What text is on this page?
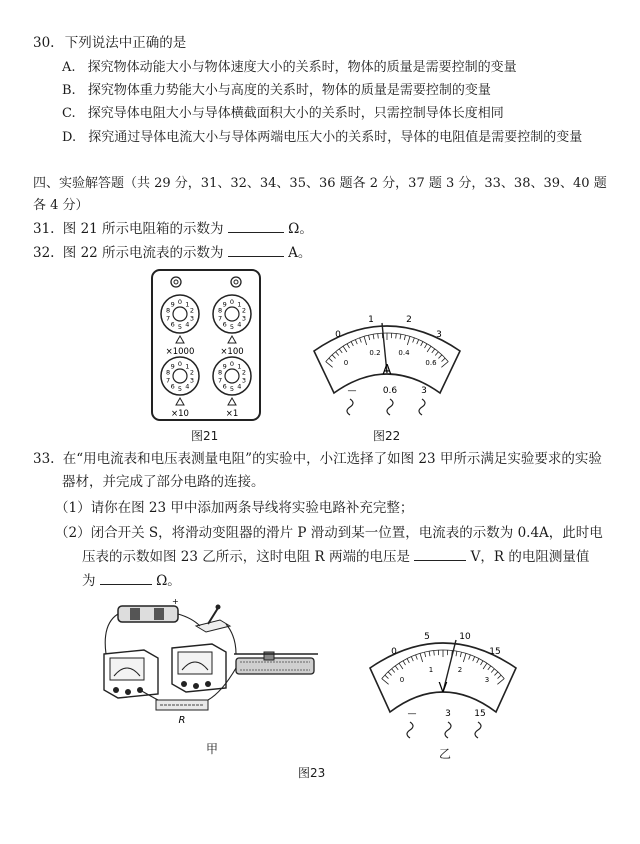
30. 下列说法中正确的是
A. 探究物体动能大小与物体速度大小的关系时，物体的质量是需要控制的变量
B. 探究物体重力势能大小与高度的关系时，物体的质量是需要控制的变量
C. 探究导体电阻大小与导体横截面积大小的关系时，只需控制导体长度相同
D. 探究通过导体电流大小与导体两端电压大小的关系时，导体的电阻值是需要控制的变量
四、实验解答题（共 29 分，31、32、34、35、36 题各 2 分，37 题 3 分，33、38、39、40 题
各 4 分）
31. 图 21 所示电阻箱的示数为	Ω。
32. 图 22 所示电流表的示数为	A。
×1000	×100
×10	×1
0 1
2
3
4
5
6
7
8
9	0 1
2
3
4
5
6
7
8
9
0 1
2
3
4
5
6
7
8
9	0 1
2
3
4
5
6
7
8
9
图21
0
1	2
3
0
0.2	0.4
0.6
A
—	0.6	3
图22
33. 在“用电流表和电压表测量电阻”的实验中，小江选择了如图 23 甲所示满足实验要求的实验
器材，并完成了部分电路的连接。
（1）请你在图 23 甲中添加两条导线将实验电路补充完整；
（2）闭合开关 S，将滑动变阻器的滑片 P 滑动到某一位置，电流表的示数为 0.4A，此时电
压表的示数如图 23 乙所示，这时电阻 R 两端的电压是	V，R 的电阻测量值
为	Ω。
+
R
甲
0
5	10
15
0
1	2
3
V
—	3	15
乙
图23
